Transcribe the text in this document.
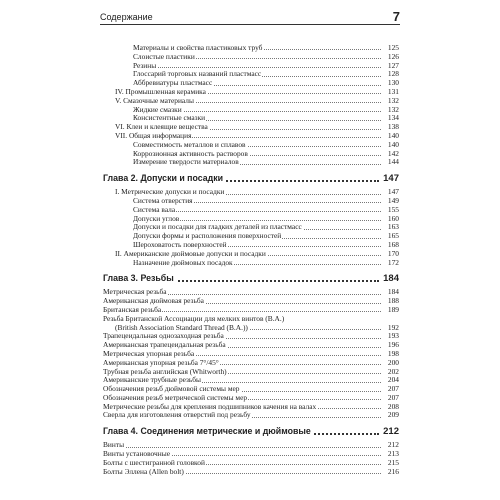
Содержание	7
Материалы и свойства пластиковых труб	125
Слоистые пластики	126
Резины	127
Глоссарий торговых названий пластмасс	128
Аббревиатуры пластмасс	130
IV. Промышленная керамика	131
V. Смазочные материалы	132
Жидкие смазки	132
Консистентные смазки	134
VI. Клеи и клеящие вещества	138
VII. Общая информация	140
Совместимость металлов и сплавов	140
Коррозионная активность растворов	142
Измерение твердости материалов	144
Глава 2. Допуски и посадки	147
I. Метрические допуски и посадки	147
Система отверстия	149
Система вала	155
Допуски углов	160
Допуски и посадки для гладких деталей из пластмасс	163
Допуски формы и расположения поверхностей	165
Шероховатость поверхностей	168
II. Американские дюймовые допуски и посадки	170
Назначение дюймовых посадок	172
Глава 3. Резьбы	184
Метрическая резьба	184
Американская дюймовая резьба	188
Британская резьба	189
Резьба Британской Ассоциации для мелких винтов (B.A.)
(British Association Standard Thread (B.A.))	192
Трапецеидальная однозаходная резьба	193
Американская трапецеидальная резьба	196
Метрическая упорная резьба	198
Американская упорная резьба 7°/45°	200
Трубная резьба английская (Whitworth)	202
Американские трубные резьбы	204
Обозначения резьб дюймовой системы мер	207
Обозначения резьб метрической системы мер	207
Метрические резьбы для крепления подшипников качения на валах	208
Сверла для изготовления отверстий под резьбу	209
Глава 4. Соединения метрические и дюймовые	212
Винты	212
Винты установочные	213
Болты с шестигранной головкой	215
Болты Эллена (Allen bolt)	216
